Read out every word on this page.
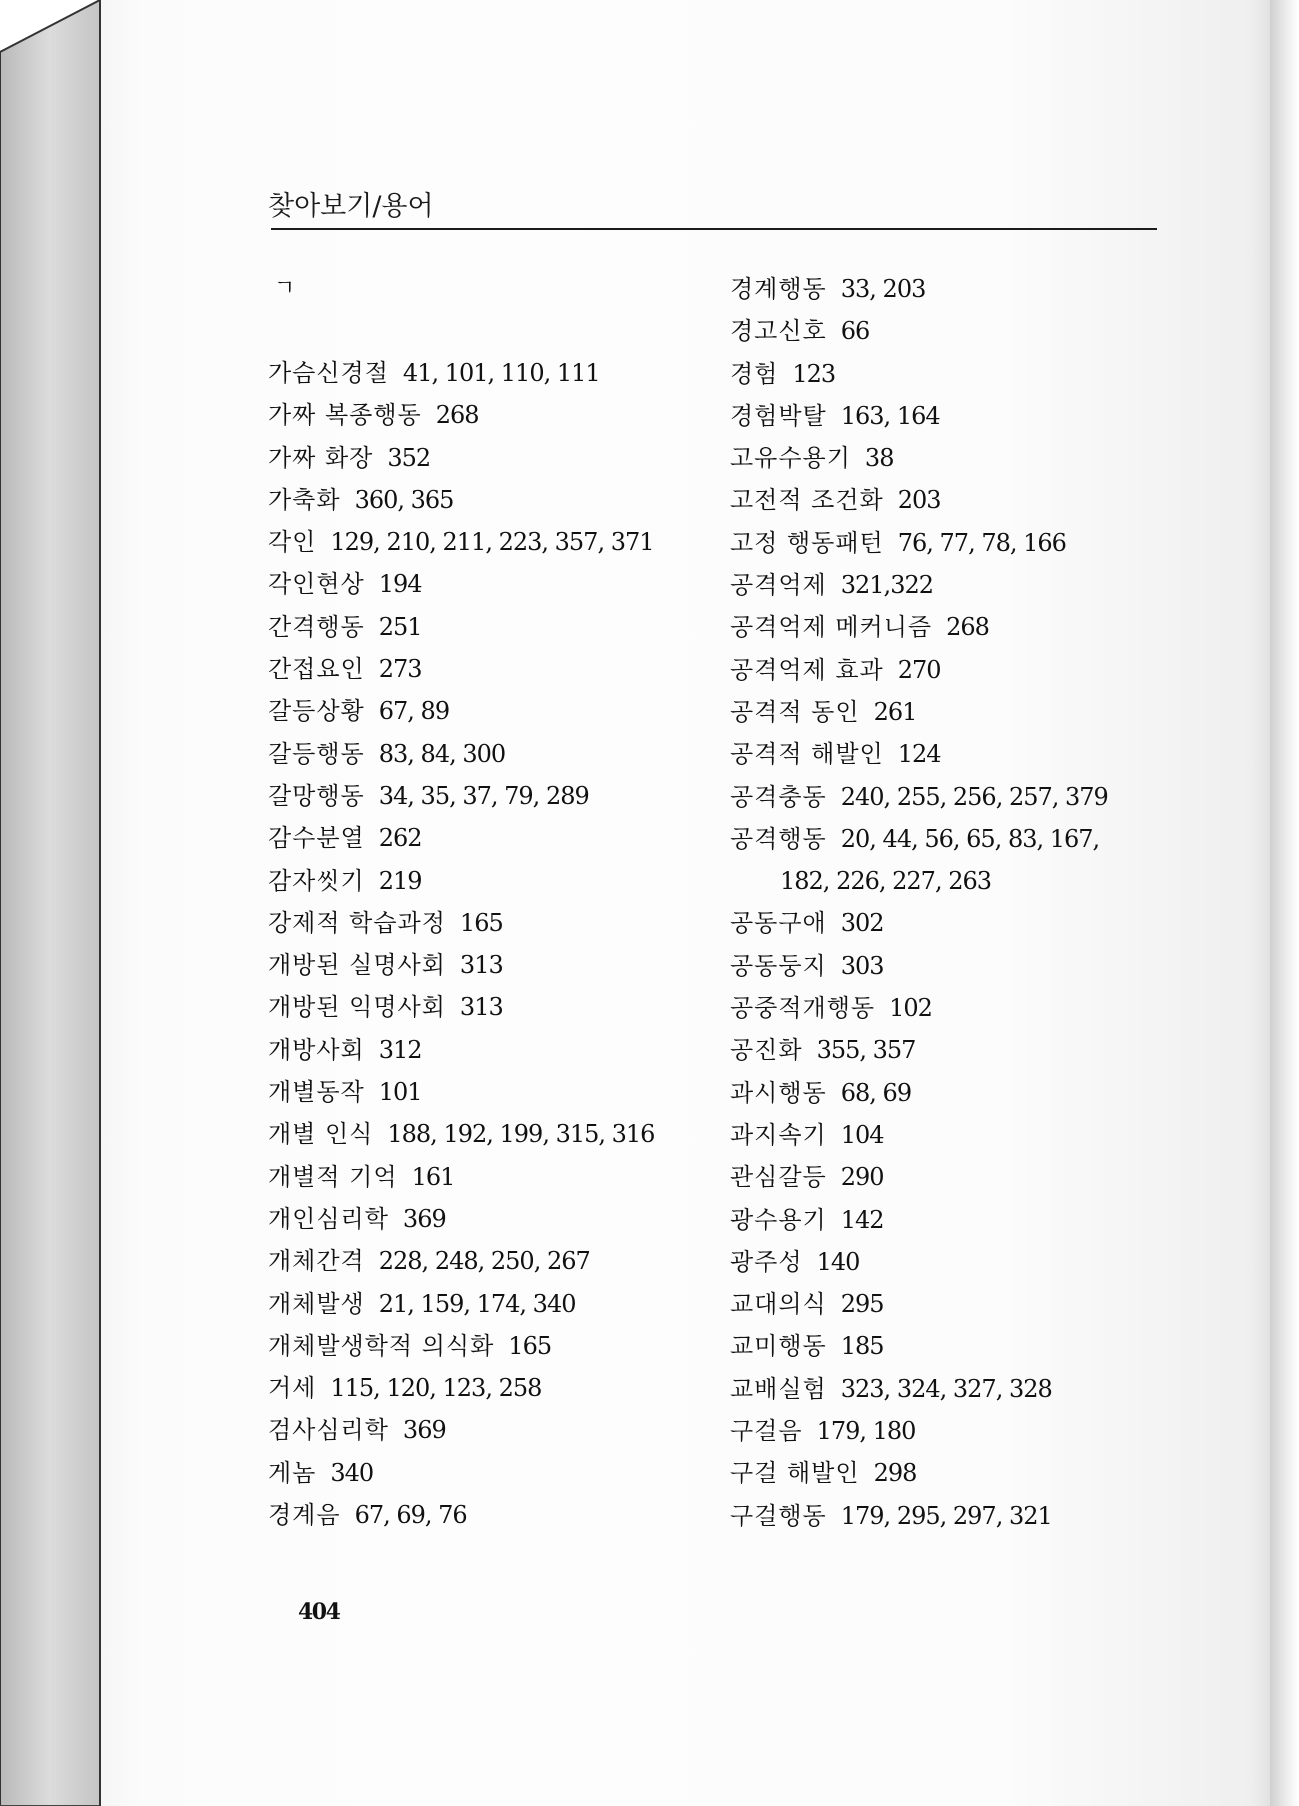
찾아보기/용어
ㄱ
가슴신경절 41, 101, 110, 111
가짜 복종행동 268
가짜 화장 352
가축화 360, 365
각인 129, 210, 211, 223, 357, 371
각인현상 194
간격행동 251
간접요인 273
갈등상황 67, 89
갈등행동 83, 84, 300
갈망행동 34, 35, 37, 79, 289
감수분열 262
감자씻기 219
강제적 학습과정 165
개방된 실명사회 313
개방된 익명사회 313
개방사회 312
개별동작 101
개별 인식 188, 192, 199, 315, 316
개별적 기억 161
개인심리학 369
개체간격 228, 248, 250, 267
개체발생 21, 159, 174, 340
개체발생학적 의식화 165
거세 115, 120, 123, 258
검사심리학 369
게놈 340
경계음 67, 69, 76
경계행동 33, 203
경고신호 66
경험 123
경험박탈 163, 164
고유수용기 38
고전적 조건화 203
고정 행동패턴 76, 77, 78, 166
공격억제 321,322
공격억제 메커니즘 268
공격억제 효과 270
공격적 동인 261
공격적 해발인 124
공격충동 240, 255, 256, 257, 379
공격행동 20, 44, 56, 65, 83, 167,
182, 226, 227, 263
공동구애 302
공동둥지 303
공중적개행동 102
공진화 355, 357
과시행동 68, 69
과지속기 104
관심갈등 290
광수용기 142
광주성 140
교대의식 295
교미행동 185
교배실험 323, 324, 327, 328
구걸음 179, 180
구걸 해발인 298
구걸행동 179, 295, 297, 321
404
